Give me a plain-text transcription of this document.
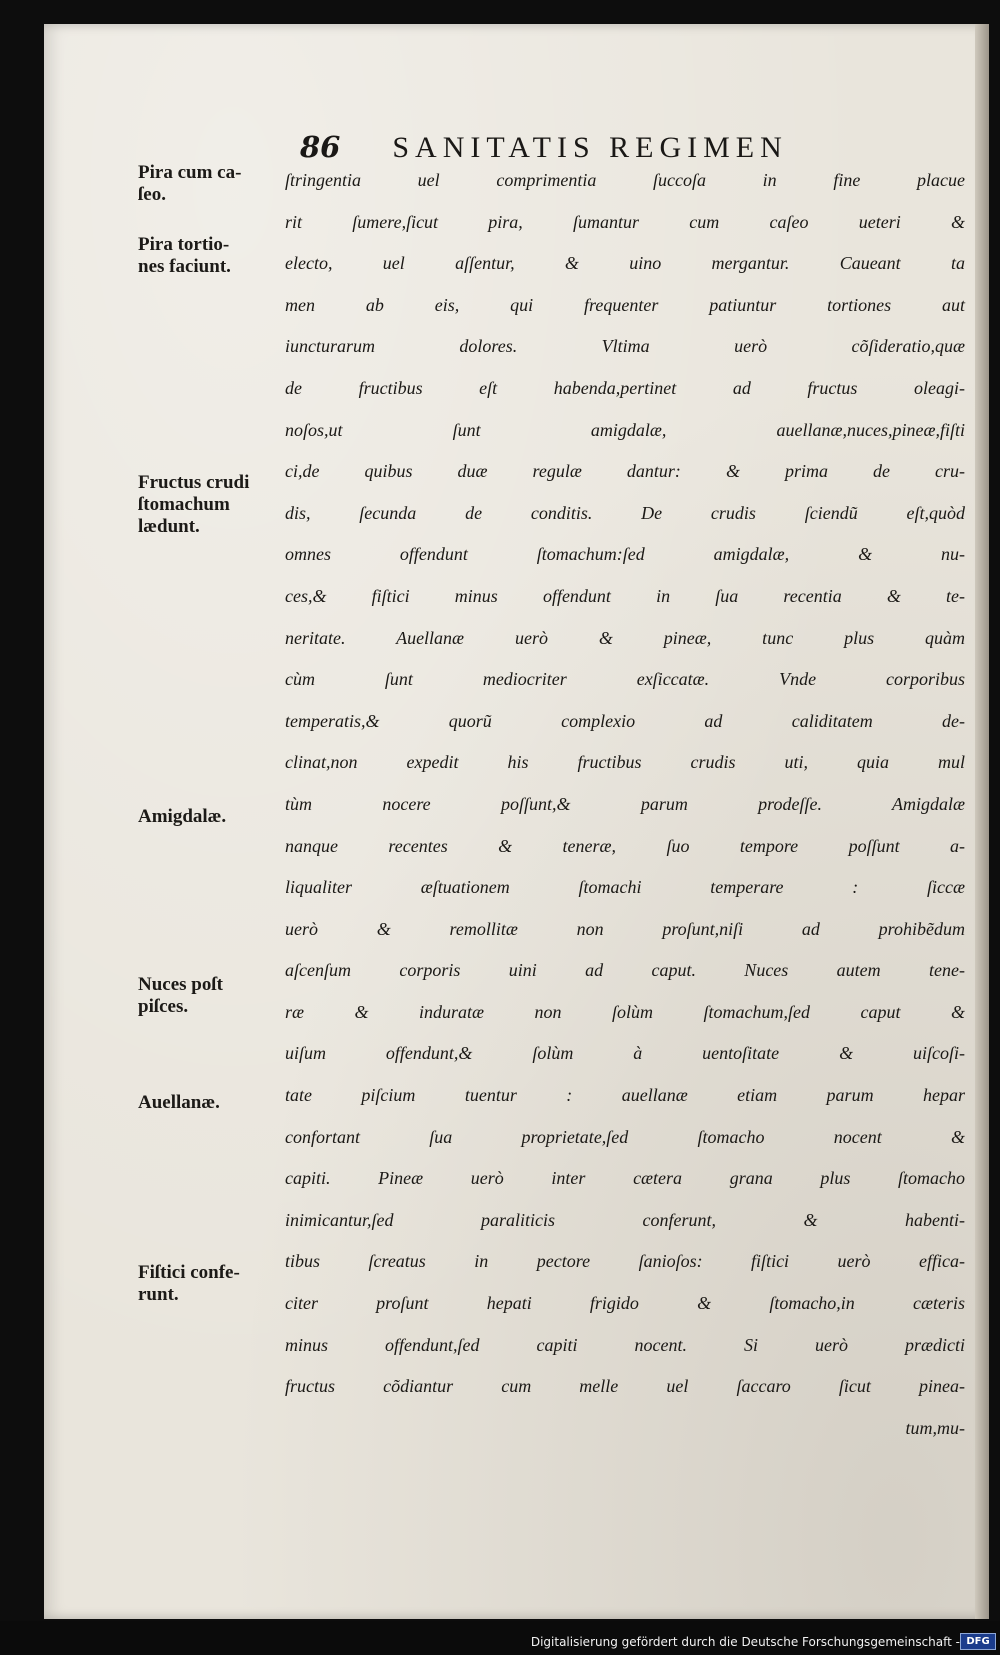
86 SANITATIS REGIMEN
Pira cum ca-
ſeo.
Pira tortio-
nes faciunt.
Fructus crudi
ſtomachum
lædunt.
Amigdalæ.
Nuces poſt
piſces.
Auellanæ.
Fiſtici confe-
runt.
ſtringentia uel comprimentia ſuccoſa in fine placue
rit ſumere,ſicut pira, ſumantur cum caſeo ueteri &
electo, uel aſſentur, & uino mergantur. Caueant ta
men ab eis, qui frequenter patiuntur tortiones aut
iuncturarum dolores. Vltima uerò cõſideratio,quæ
de fructibus eſt habenda,pertinet ad fructus oleagi-
noſos,ut ſunt amigdalæ, auellanæ,nuces,pineæ,fiſti
ci,de quibus duæ regulæ dantur: & prima de cru-
dis, ſecunda de conditis. De crudis ſciendũ eſt,quòd
omnes offendunt ſtomachum:ſed amigdalæ, & nu-
ces,& fiſtici minus offendunt in ſua recentia & te-
neritate. Auellanæ uerò & pineæ, tunc plus quàm
cùm ſunt mediocriter exſiccatæ. Vnde corporibus
temperatis,& quorũ complexio ad caliditatem de-
clinat,non expedit his fructibus crudis uti, quia mul
tùm nocere poſſunt,& parum prodeſſe. Amigdalæ
nanque recentes & teneræ, ſuo tempore poſſunt a-
liqualiter æſtuationem ſtomachi temperare : ſiccæ
uerò & remollitæ non proſunt,niſi ad prohibẽdum
aſcenſum corporis uini ad caput. Nuces autem tene-
ræ & induratæ non ſolùm ſtomachum,ſed caput &
uiſum offendunt,& ſolùm à uentoſitate & uiſcoſi-
tate piſcium tuentur : auellanæ etiam parum hepar
confortant ſua proprietate,ſed ſtomacho nocent &
capiti. Pineæ uerò inter cætera grana plus ſtomacho
inimicantur,ſed paraliticis conferunt, & habenti-
tibus ſcreatus in pectore ſanioſos: fiſtici uerò effica-
citer proſunt hepati frigido & ſtomacho,in cæteris
minus offendunt,ſed capiti nocent. Si uerò prædicti
fructus cõdiantur cum melle uel ſaccaro ſicut pinea-
tum,mu-
Digitalisierung gefördert durch die Deutsche Forschungsgemeinschaft - DFG
